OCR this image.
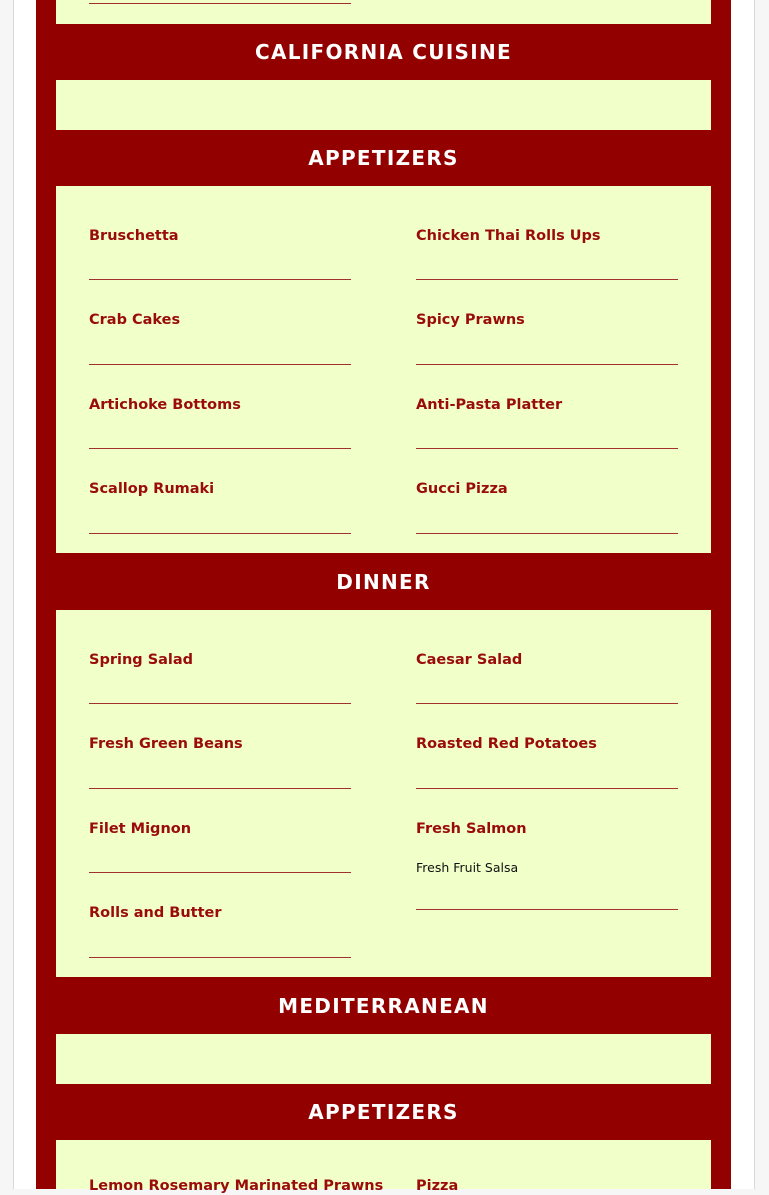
CALIFORNIA CUISINE
APPETIZERS
Bruschetta	Chicken Thai Rolls Ups
Crab Cakes	Spicy Prawns
Artichoke Bottoms	Anti-Pasta Platter
Scallop Rumaki	Gucci Pizza
DINNER
Spring Salad	Caesar Salad
Fresh Green Beans	Roasted Red Potatoes
Filet Mignon	Fresh Salmon
Fresh Fruit Salsa
Rolls and Butter
MEDITERRANEAN
APPETIZERS
Lemon Rosemary Marinated Prawns Pizza
